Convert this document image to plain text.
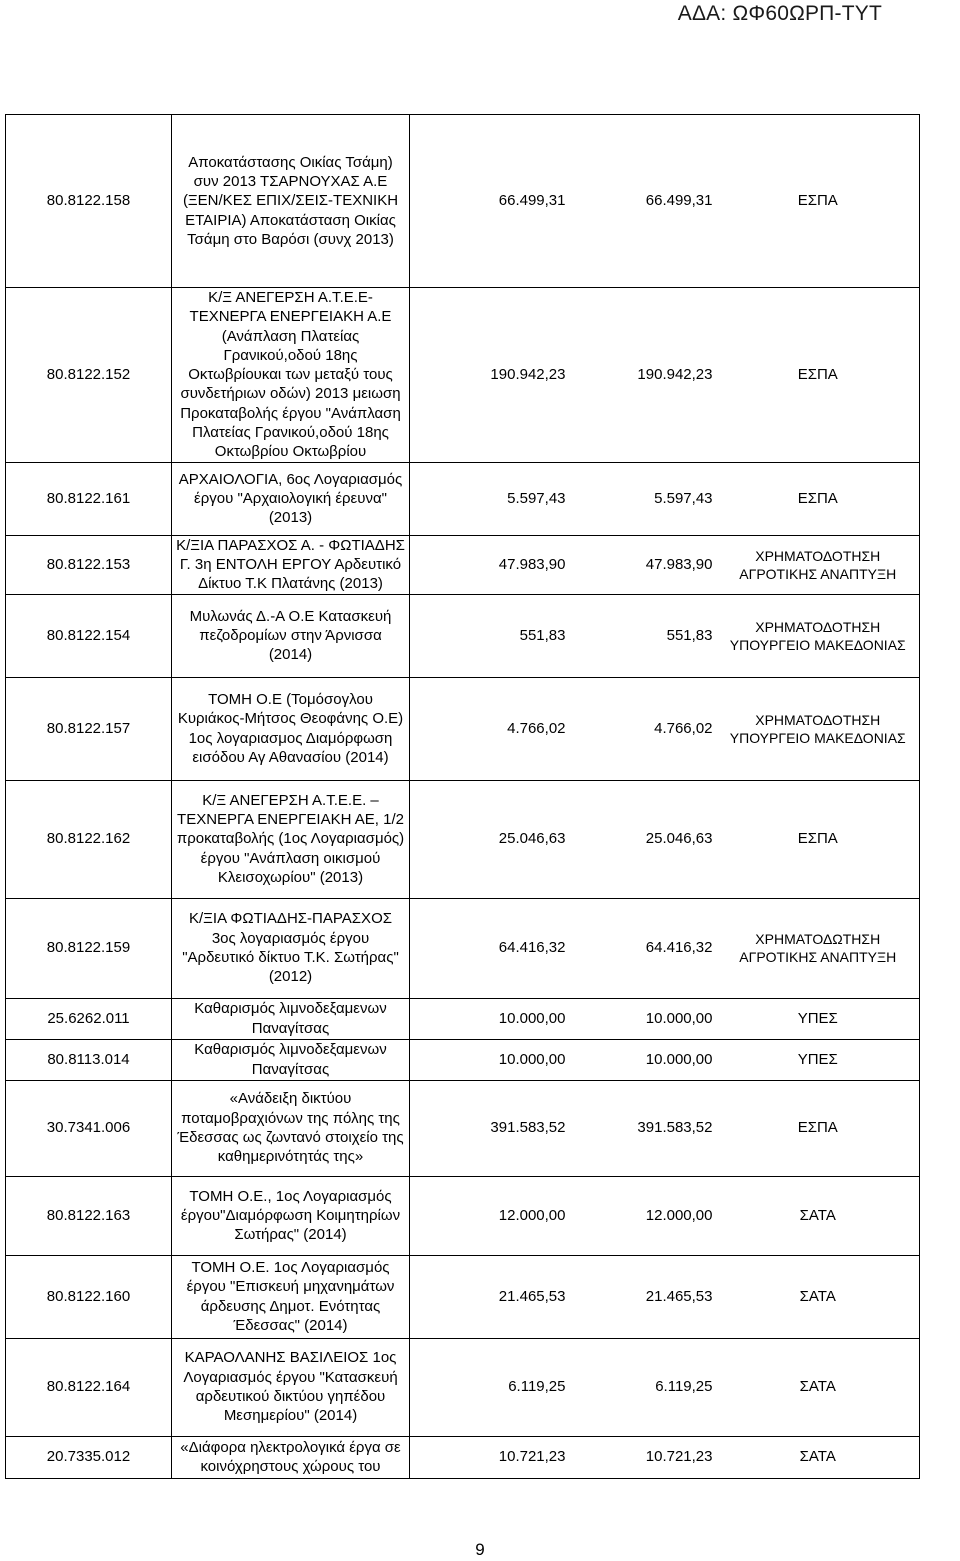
ΑΔΑ: ΩΦ60ΩΡΠ-ΤΥΤ
80.8122.158	Αποκατάστασης Οικίας Τσάμη) συν 2013 ΤΣΑΡΝΟΥΧΑΣ Α.Ε (ΞΕΝ/ΚΕΣ ΕΠΙΧ/ΣΕΙΣ-ΤΕΧΝΙΚΗ ΕΤΑΙΡΙΑ) Αποκατάσταση Οικίας Τσάμη στο Βαρόσι (συνχ 2013)	66.499,31	66.499,31	ΕΣΠΑ
80.8122.152	Κ/Ξ ΑΝΕΓΕΡΣΗ Α.Τ.Ε.Ε-ΤΕΧΝΕΡΓΑ ΕΝΕΡΓΕΙΑΚΗ Α.Ε (Ανάπλαση Πλατείας Γρανικού,οδού 18ης Οκτωβρίουκαι των μεταξύ τους συνδετήριων οδών) 2013 μειωση Προκαταβολής έργου "Ανάπλαση Πλατείας Γρανικού,οδού 18ης Οκτωβρίου Οκτωβρίου	190.942,23	190.942,23	ΕΣΠΑ
80.8122.161	ΑΡΧΑΙΟΛΟΓΙΑ, 6ος Λογαριασμός έργου "Αρχαιολογική έρευνα" (2013)	5.597,43	5.597,43	ΕΣΠΑ
80.8122.153	Κ/ΞΙΑ ΠΑΡΑΣΧΟΣ Α. - ΦΩΤΙΑΔΗΣ Γ. 3η ΕΝΤΟΛΗ ΕΡΓΟΥ Αρδευτικό Δίκτυο Τ.Κ Πλατάνης (2013)	47.983,90	47.983,90	ΧΡΗΜΑΤΟΔΟΤΗΣΗ ΑΓΡΟΤΙΚΗΣ ΑΝΑΠΤΥΞΗ
80.8122.154	Μυλωνάς Δ.-Α Ο.Ε Κατασκευή πεζοδρομίων στην Άρνισσα (2014)	551,83	551,83	ΧΡΗΜΑΤΟΔΟΤΗΣΗ ΥΠΟΥΡΓΕΙΟ ΜΑΚΕΔΟΝΙΑΣ
80.8122.157	ΤΟΜΗ Ο.Ε (Τομόσογλου Κυριάκος-Μήτσος Θεοφάνης Ο.Ε) 1ος λογαριασμος Διαμόρφωση εισόδου Αγ Αθανασίου (2014)	4.766,02	4.766,02	ΧΡΗΜΑΤΟΔΟΤΗΣΗ ΥΠΟΥΡΓΕΙΟ ΜΑΚΕΔΟΝΙΑΣ
80.8122.162	Κ/Ξ ΑΝΕΓΕΡΣΗ Α.Τ.Ε.Ε. – ΤΕΧΝΕΡΓΑ ΕΝΕΡΓΕΙΑΚΗ ΑΕ, 1/2 προκαταβολής (1ος Λογαριασμός) έργου "Ανάπλαση οικισμού Κλεισοχωρίου" (2013)	25.046,63	25.046,63	ΕΣΠΑ
80.8122.159	Κ/ΞΙΑ ΦΩΤΙΑΔΗΣ-ΠΑΡΑΣΧΟΣ 3ος λογαριασμός έργου "Αρδευτικό δίκτυο Τ.Κ. Σωτήρας" (2012)	64.416,32	64.416,32	ΧΡΗΜΑΤΟΔΩΤΗΣΗ ΑΓΡΟΤΙΚΗΣ ΑΝΑΠΤΥΞΗ
25.6262.011	Καθαρισμός λιμνοδεξαμενων Παναγίτσας	10.000,00	10.000,00	ΥΠΕΣ
80.8113.014	Καθαρισμός λιμνοδεξαμενων Παναγίτσας	10.000,00	10.000,00	ΥΠΕΣ
30.7341.006	«Ανάδειξη δικτύου ποταμοβραχιόνων της πόλης της Έδεσσας ως ζωντανό στοιχείο της καθημερινότητάς της»	391.583,52	391.583,52	ΕΣΠΑ
80.8122.163	ΤΟΜΗ Ο.Ε., 1ος Λογαριασμός έργου"Διαμόρφωση Κοιμητηρίων Σωτήρας" (2014)	12.000,00	12.000,00	ΣΑΤΑ
80.8122.160	ΤΟΜΗ Ο.Ε. 1ος Λογαριασμός έργου "Επισκευή μηχανημάτων άρδευσης Δημοτ. Ενότητας Έδεσσας" (2014)	21.465,53	21.465,53	ΣΑΤΑ
80.8122.164	ΚΑΡΑΟΛΑΝΗΣ ΒΑΣΙΛΕΙΟΣ 1ος Λογαριασμός έργου "Κατασκευή αρδευτικού δικτύου γηπέδου Μεσημερίου" (2014)	6.119,25	6.119,25	ΣΑΤΑ
20.7335.012	«Διάφορα ηλεκτρολογικά έργα σε κοινόχρηστους χώρους του	10.721,23	10.721,23	ΣΑΤΑ
9
